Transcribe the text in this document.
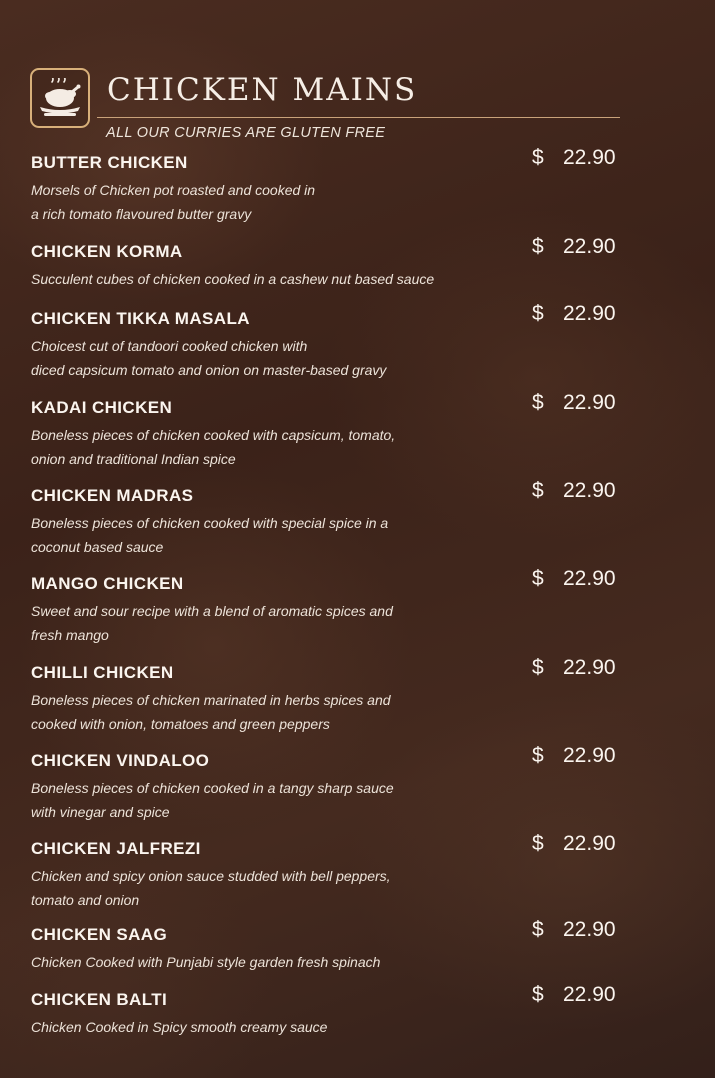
CHICKEN MAINS
ALL OUR CURRIES ARE GLUTEN FREE
BUTTER CHICKEN	$ 22.90
Morsels of Chicken pot roasted and cooked in
a rich tomato flavoured butter gravy
CHICKEN KORMA	$ 22.90
Succulent cubes of chicken cooked in a cashew nut based sauce
CHICKEN TIKKA MASALA	$ 22.90
Choicest cut of tandoori cooked chicken with
diced capsicum tomato and onion on master-based gravy
KADAI CHICKEN	$ 22.90
Boneless pieces of chicken cooked with capsicum, tomato,
onion and traditional Indian spice
CHICKEN MADRAS	$ 22.90
Boneless pieces of chicken cooked with special spice in a
coconut based sauce
MANGO CHICKEN	$ 22.90
Sweet and sour recipe with a blend of aromatic spices and
fresh mango
CHILLI CHICKEN	$ 22.90
Boneless pieces of chicken marinated in herbs spices and
cooked with onion, tomatoes and green peppers
CHICKEN VINDALOO	$ 22.90
Boneless pieces of chicken cooked in a tangy sharp sauce
with vinegar and spice
CHICKEN JALFREZI	$ 22.90
Chicken and spicy onion sauce studded with bell peppers,
tomato and onion
CHICKEN SAAG	$ 22.90
Chicken Cooked with Punjabi style garden fresh spinach
CHICKEN BALTI	$ 22.90
Chicken Cooked in Spicy smooth creamy sauce
